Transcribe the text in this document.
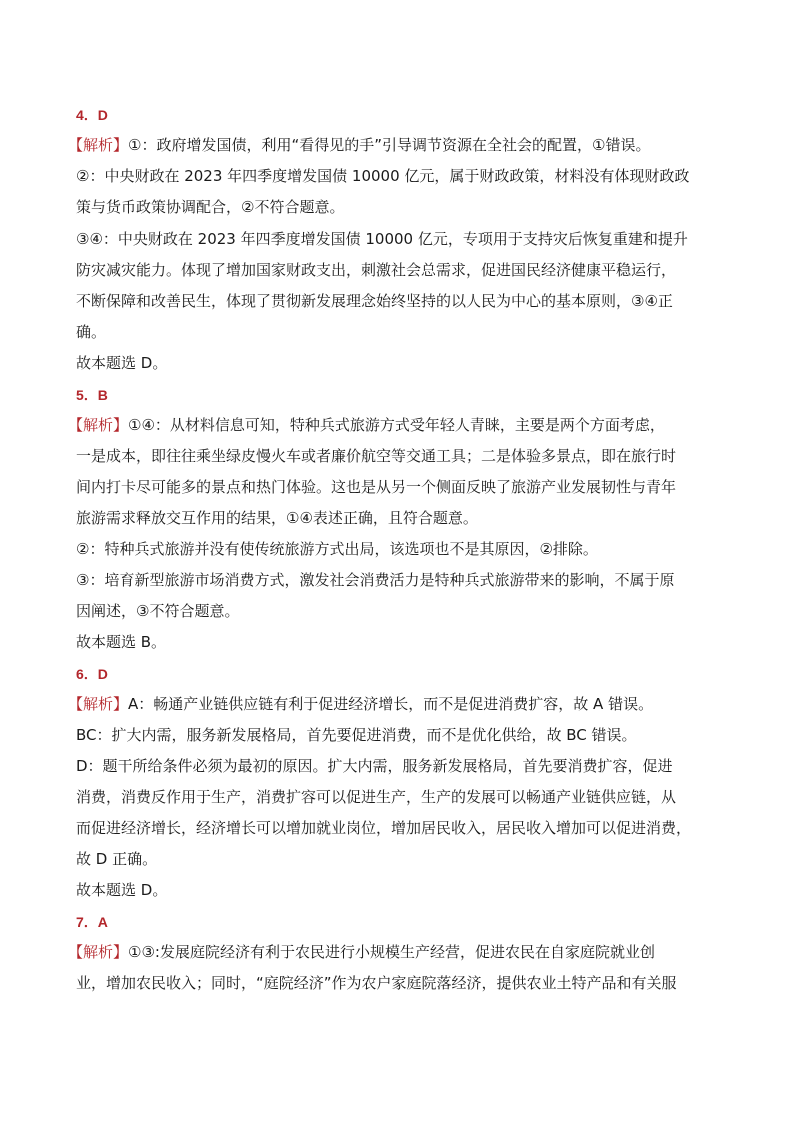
4．D
【解析】①：政府增发国债，利用“看得见的手”引导调节资源在全社会的配置，①错误。
②：中央财政在 2023 年四季度增发国债 10000 亿元，属于财政政策，材料没有体现财政政
策与货币政策协调配合，②不符合题意。
③④：中央财政在 2023 年四季度增发国债 10000 亿元，专项用于支持灾后恢复重建和提升
防灾减灾能力。体现了增加国家财政支出，刺激社会总需求，促进国民经济健康平稳运行，
不断保障和改善民生，体现了贯彻新发展理念始终坚持的以人民为中心的基本原则，③④正
确。
故本题选 D。
5．B
【解析】①④：从材料信息可知，特种兵式旅游方式受年轻人青睐，主要是两个方面考虑，
一是成本，即往往乘坐绿皮慢火车或者廉价航空等交通工具；二是体验多景点，即在旅行时
间内打卡尽可能多的景点和热门体验。这也是从另一个侧面反映了旅游产业发展韧性与青年
旅游需求释放交互作用的结果，①④表述正确，且符合题意。
②：特种兵式旅游并没有使传统旅游方式出局，该选项也不是其原因，②排除。
③：培育新型旅游市场消费方式，激发社会消费活力是特种兵式旅游带来的影响，不属于原
因阐述，③不符合题意。
故本题选 B。
6．D
【解析】A：畅通产业链供应链有利于促进经济增长，而不是促进消费扩容，故 A 错误。
BC：扩大内需，服务新发展格局，首先要促进消费，而不是优化供给，故 BC 错误。
D：题干所给条件必须为最初的原因。扩大内需，服务新发展格局，首先要消费扩容，促进
消费，消费反作用于生产，消费扩容可以促进生产，生产的发展可以畅通产业链供应链，从
而促进经济增长，经济增长可以增加就业岗位，增加居民收入，居民收入增加可以促进消费，
故 D 正确。
故本题选 D。
7．A
【解析】①③:发展庭院经济有利于农民进行小规模生产经营，促进农民在自家庭院就业创
业，增加农民收入；同时，“庭院经济”作为农户家庭院落经济，提供农业土特产品和有关服
